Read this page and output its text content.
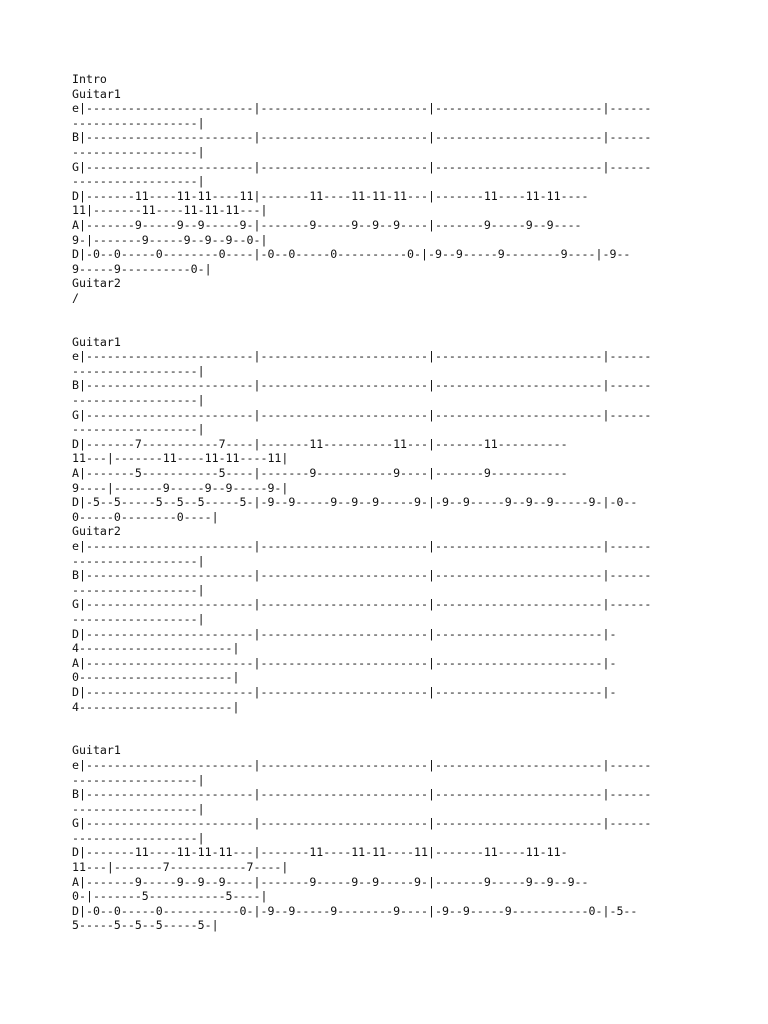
Intro
Guitar1
e|------------------------|------------------------|------------------------|------
------------------|
B|------------------------|------------------------|------------------------|------
------------------|
G|------------------------|------------------------|------------------------|------
------------------|
D|-------11----11-11----11|-------11----11-11-11---|-------11----11-11----
11|-------11----11-11-11---|
A|-------9-----9--9-----9-|-------9-----9--9--9----|-------9-----9--9----
9-|-------9-----9--9--9--0-|
D|-0--0-----0--------0----|-0--0-----0----------0-|-9--9-----9--------9----|-9--
9-----9----------0-|
Guitar2
/
Guitar1
e|------------------------|------------------------|------------------------|------
------------------|
B|------------------------|------------------------|------------------------|------
------------------|
G|------------------------|------------------------|------------------------|------
------------------|
D|-------7-----------7----|-------11----------11---|-------11----------
11---|-------11----11-11----11|
A|-------5-----------5----|-------9-----------9----|-------9-----------
9----|-------9-----9--9-----9-|
D|-5--5-----5--5--5-----5-|-9--9-----9--9--9-----9-|-9--9-----9--9--9-----9-|-0--
0-----0--------0----|
Guitar2
e|------------------------|------------------------|------------------------|------
------------------|
B|------------------------|------------------------|------------------------|------
------------------|
G|------------------------|------------------------|------------------------|------
------------------|
D|------------------------|------------------------|------------------------|-
4----------------------|
A|------------------------|------------------------|------------------------|-
0----------------------|
D|------------------------|------------------------|------------------------|-
4----------------------|
Guitar1
e|------------------------|------------------------|------------------------|------
------------------|
B|------------------------|------------------------|------------------------|------
------------------|
G|------------------------|------------------------|------------------------|------
------------------|
D|-------11----11-11-11---|-------11----11-11----11|-------11----11-11-
11---|-------7-----------7----|
A|-------9-----9--9--9----|-------9-----9--9-----9-|-------9-----9--9--9--
0-|-------5-----------5----|
D|-0--0-----0-----------0-|-9--9-----9--------9----|-9--9-----9-----------0-|-5--
5-----5--5--5-----5-|
